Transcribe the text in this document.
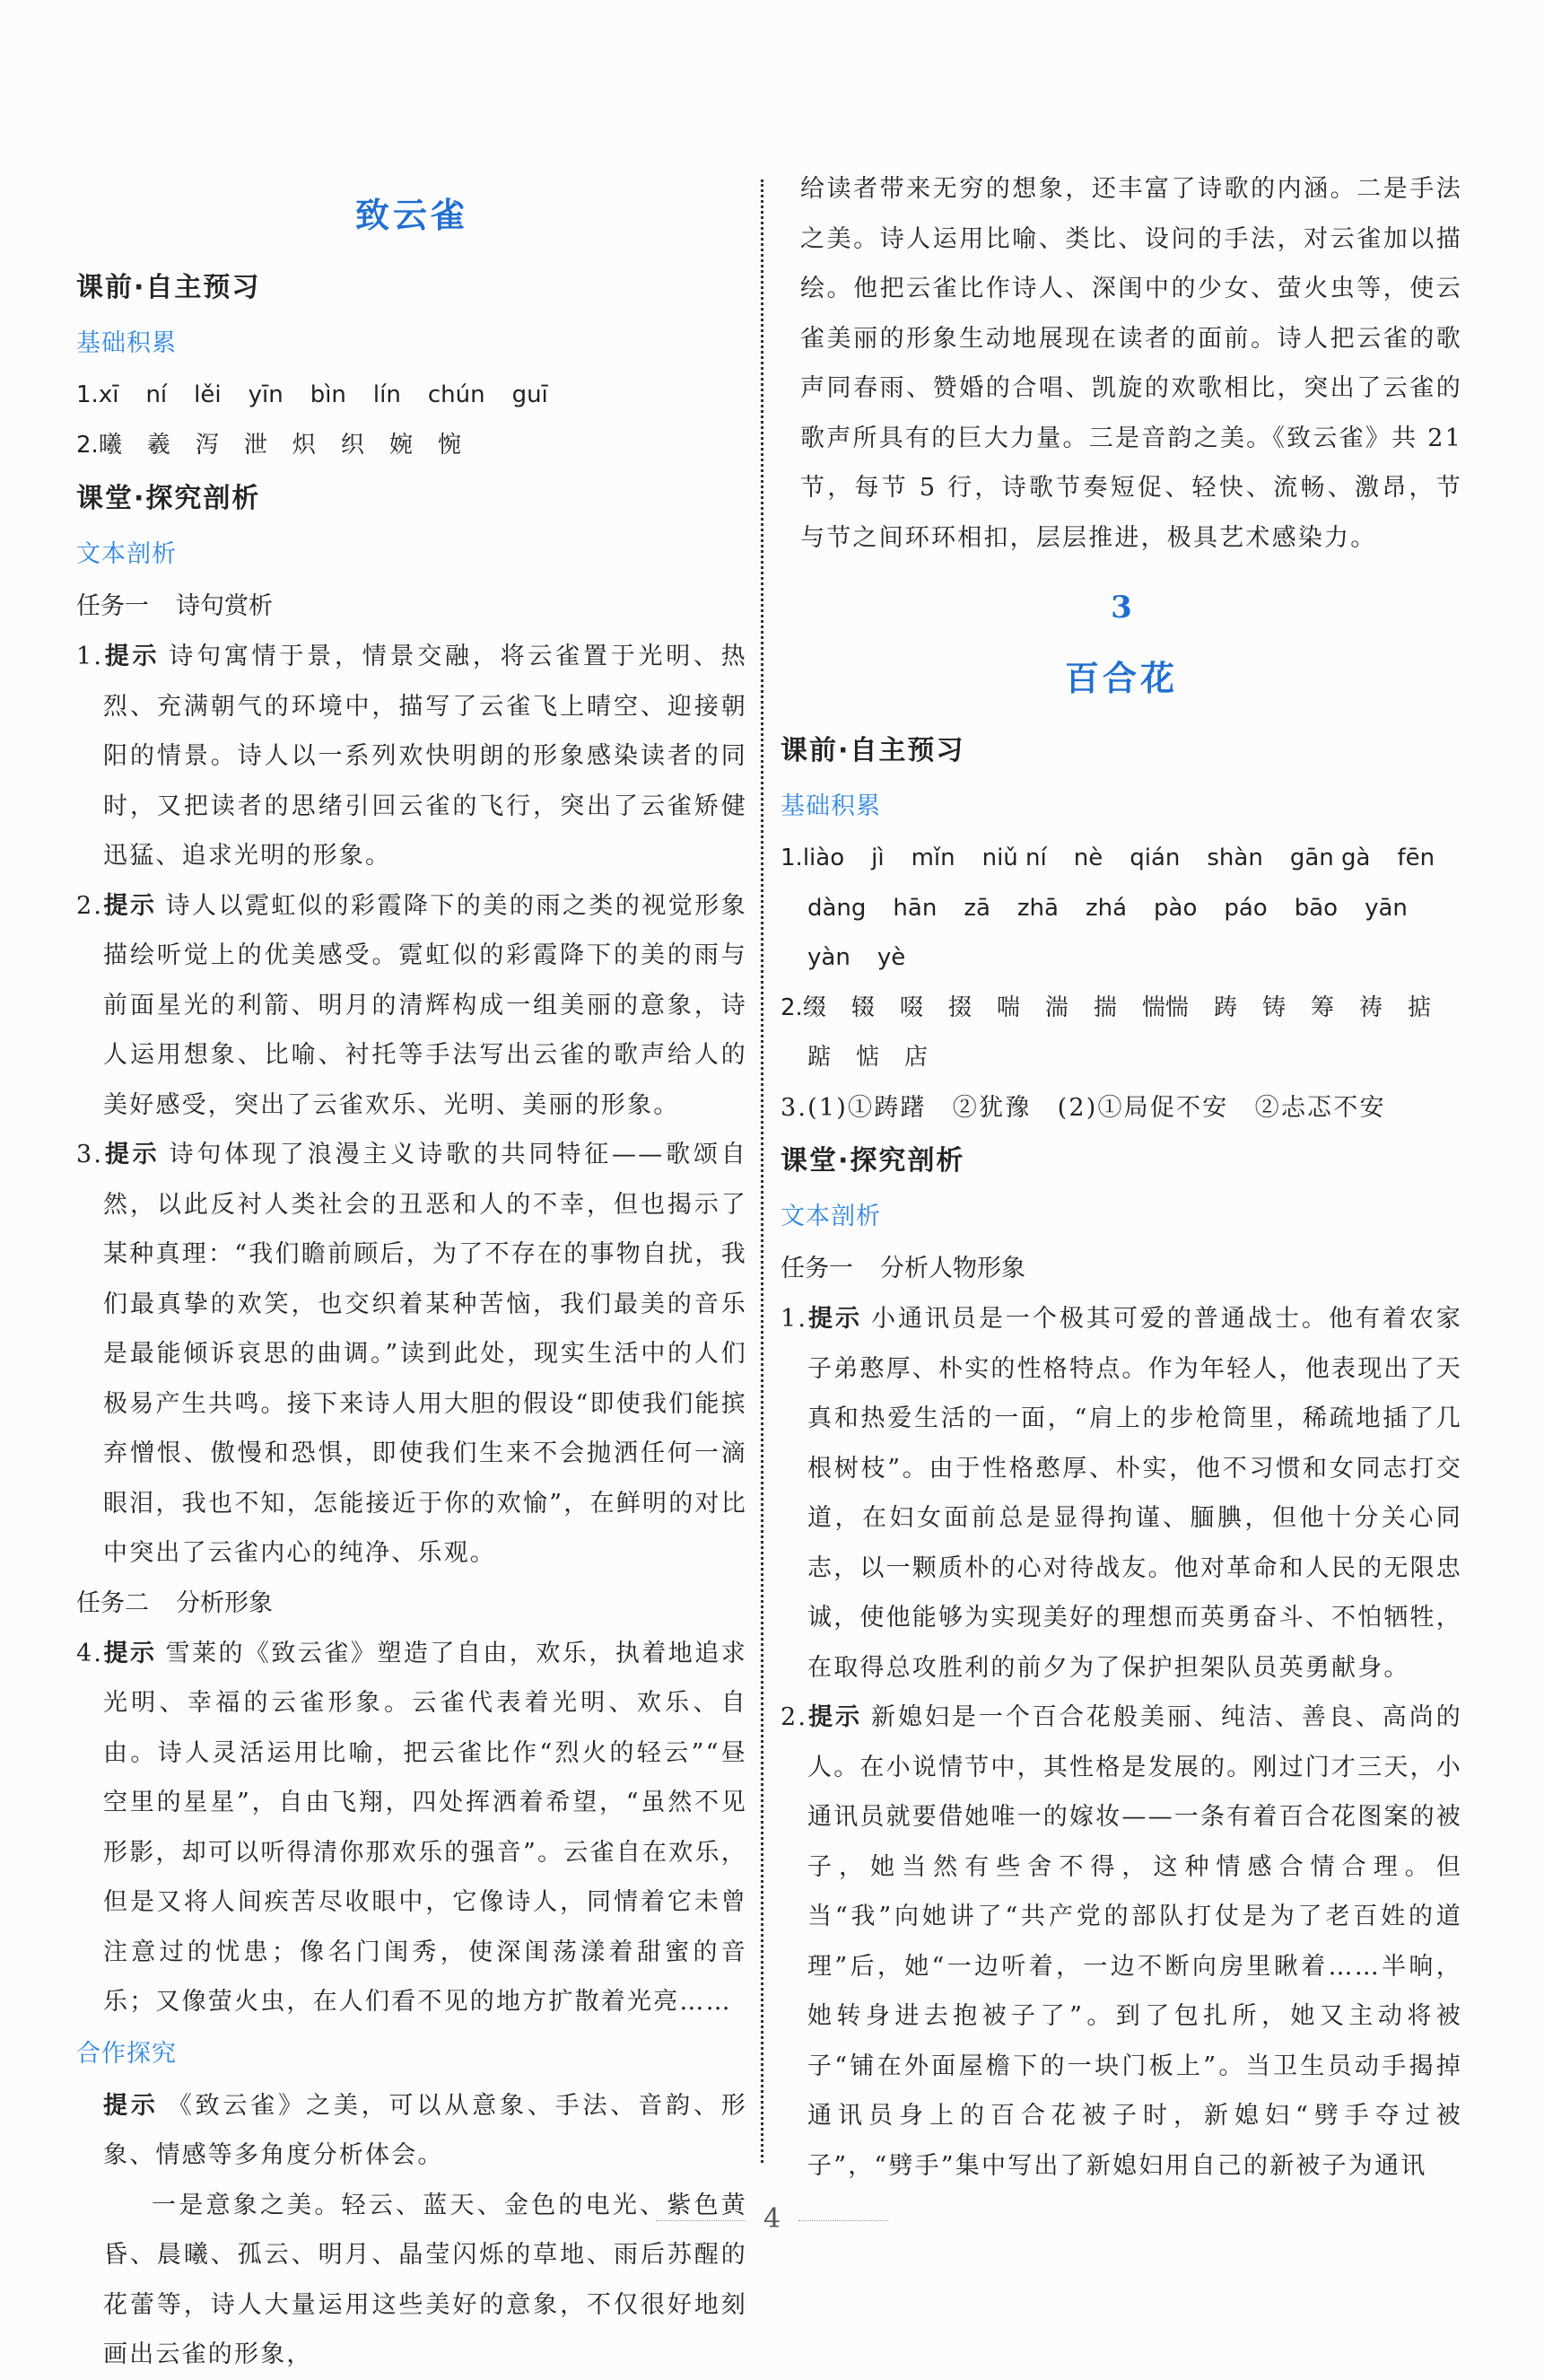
致云雀
课前·自主预习
基础积累
1.xī ní lěi yīn bìn lín chún guī
2.曦 羲 泻 泄 炽 织 婉 惋
课堂·探究剖析
文本剖析
任务一 诗句赏析
1.提示 诗句寓情于景，情景交融，将云雀置于光明、热烈、充满朝气的环境中，描写了云雀飞上晴空、迎接朝阳的情景。诗人以一系列欢快明朗的形象感染读者的同时，又把读者的思绪引回云雀的飞行，突出了云雀矫健迅猛、追求光明的形象。
2.提示 诗人以霓虹似的彩霞降下的美的雨之类的视觉形象描绘听觉上的优美感受。霓虹似的彩霞降下的美的雨与前面星光的利箭、明月的清辉构成一组美丽的意象，诗人运用想象、比喻、衬托等手法写出云雀的歌声给人的美好感受，突出了云雀欢乐、光明、美丽的形象。
3.提示 诗句体现了浪漫主义诗歌的共同特征——歌颂自然，以此反衬人类社会的丑恶和人的不幸，但也揭示了某种真理：“我们瞻前顾后，为了不存在的事物自扰，我们最真挚的欢笑，也交织着某种苦恼，我们最美的音乐是最能倾诉哀思的曲调。”读到此处，现实生活中的人们极易产生共鸣。接下来诗人用大胆的假设“即使我们能摈弃憎恨、傲慢和恐惧，即使我们生来不会抛洒任何一滴眼泪，我也不知，怎能接近于你的欢愉”，在鲜明的对比中突出了云雀内心的纯净、乐观。
任务二 分析形象
4.提示 雪莱的《致云雀》塑造了自由，欢乐，执着地追求光明、幸福的云雀形象。云雀代表着光明、欢乐、自由。诗人灵活运用比喻，把云雀比作“烈火的轻云”“昼空里的星星”，自由飞翔，四处挥洒着希望，“虽然不见形影，却可以听得清你那欢乐的强音”。云雀自在欢乐，但是又将人间疾苦尽收眼中，它像诗人，同情着它未曾注意过的忧患；像名门闺秀，使深闺荡漾着甜蜜的音乐；又像萤火虫，在人们看不见的地方扩散着光亮……
合作探究
提示 《致云雀》之美，可以从意象、手法、音韵、形象、情感等多角度分析体会。
一是意象之美。轻云、蓝天、金色的电光、紫色黄昏、晨曦、孤云、明月、晶莹闪烁的草地、雨后苏醒的花蕾等，诗人大量运用这些美好的意象，不仅很好地刻画出云雀的形象，
给读者带来无穷的想象，还丰富了诗歌的内涵。二是手法之美。诗人运用比喻、类比、设问的手法，对云雀加以描绘。他把云雀比作诗人、深闺中的少女、萤火虫等，使云雀美丽的形象生动地展现在读者的面前。诗人把云雀的歌声同春雨、赞婚的合唱、凯旋的欢歌相比，突出了云雀的歌声所具有的巨大力量。三是音韵之美。《致云雀》共 21 节，每节 5 行，诗歌节奏短促、轻快、流畅、激昂，节与节之间环环相扣，层层推进，极具艺术感染力。
3
百合花
课前·自主预习
基础积累
1.liào jì mǐn niǔ ní nè qián shàn gān gà fēndàng hān zā zhā zhá pào páo bāo yānyàn yè
2.缀 辍 啜 掇 喘 湍 揣 惴惴 踌 铸 筹 祷 掂踮 惦 店
3.(1)①踌躇　②犹豫　(2)①局促不安　②忐忑不安
课堂·探究剖析
文本剖析
任务一 分析人物形象
1.提示 小通讯员是一个极其可爱的普通战士。他有着农家子弟憨厚、朴实的性格特点。作为年轻人，他表现出了天真和热爱生活的一面，“肩上的步枪筒里，稀疏地插了几根树枝”。由于性格憨厚、朴实，他不习惯和女同志打交道，在妇女面前总是显得拘谨、腼腆，但他十分关心同志，以一颗质朴的心对待战友。他对革命和人民的无限忠诚，使他能够为实现美好的理想而英勇奋斗、不怕牺牲，在取得总攻胜利的前夕为了保护担架队员英勇献身。
2.提示 新媳妇是一个百合花般美丽、纯洁、善良、高尚的人。在小说情节中，其性格是发展的。刚过门才三天，小通讯员就要借她唯一的嫁妆——一条有着百合花图案的被子，她当然有些舍不得，这种情感合情合理。但当“我”向她讲了“共产党的部队打仗是为了老百姓的道理”后，她“一边听着，一边不断向房里瞅着……半晌，她转身进去抱被子了”。到了包扎所，她又主动将被子“铺在外面屋檐下的一块门板上”。当卫生员动手揭掉通讯员身上的百合花被子时，新媳妇“劈手夺过被子”，“劈手”集中写出了新媳妇用自己的新被子为通讯
4
